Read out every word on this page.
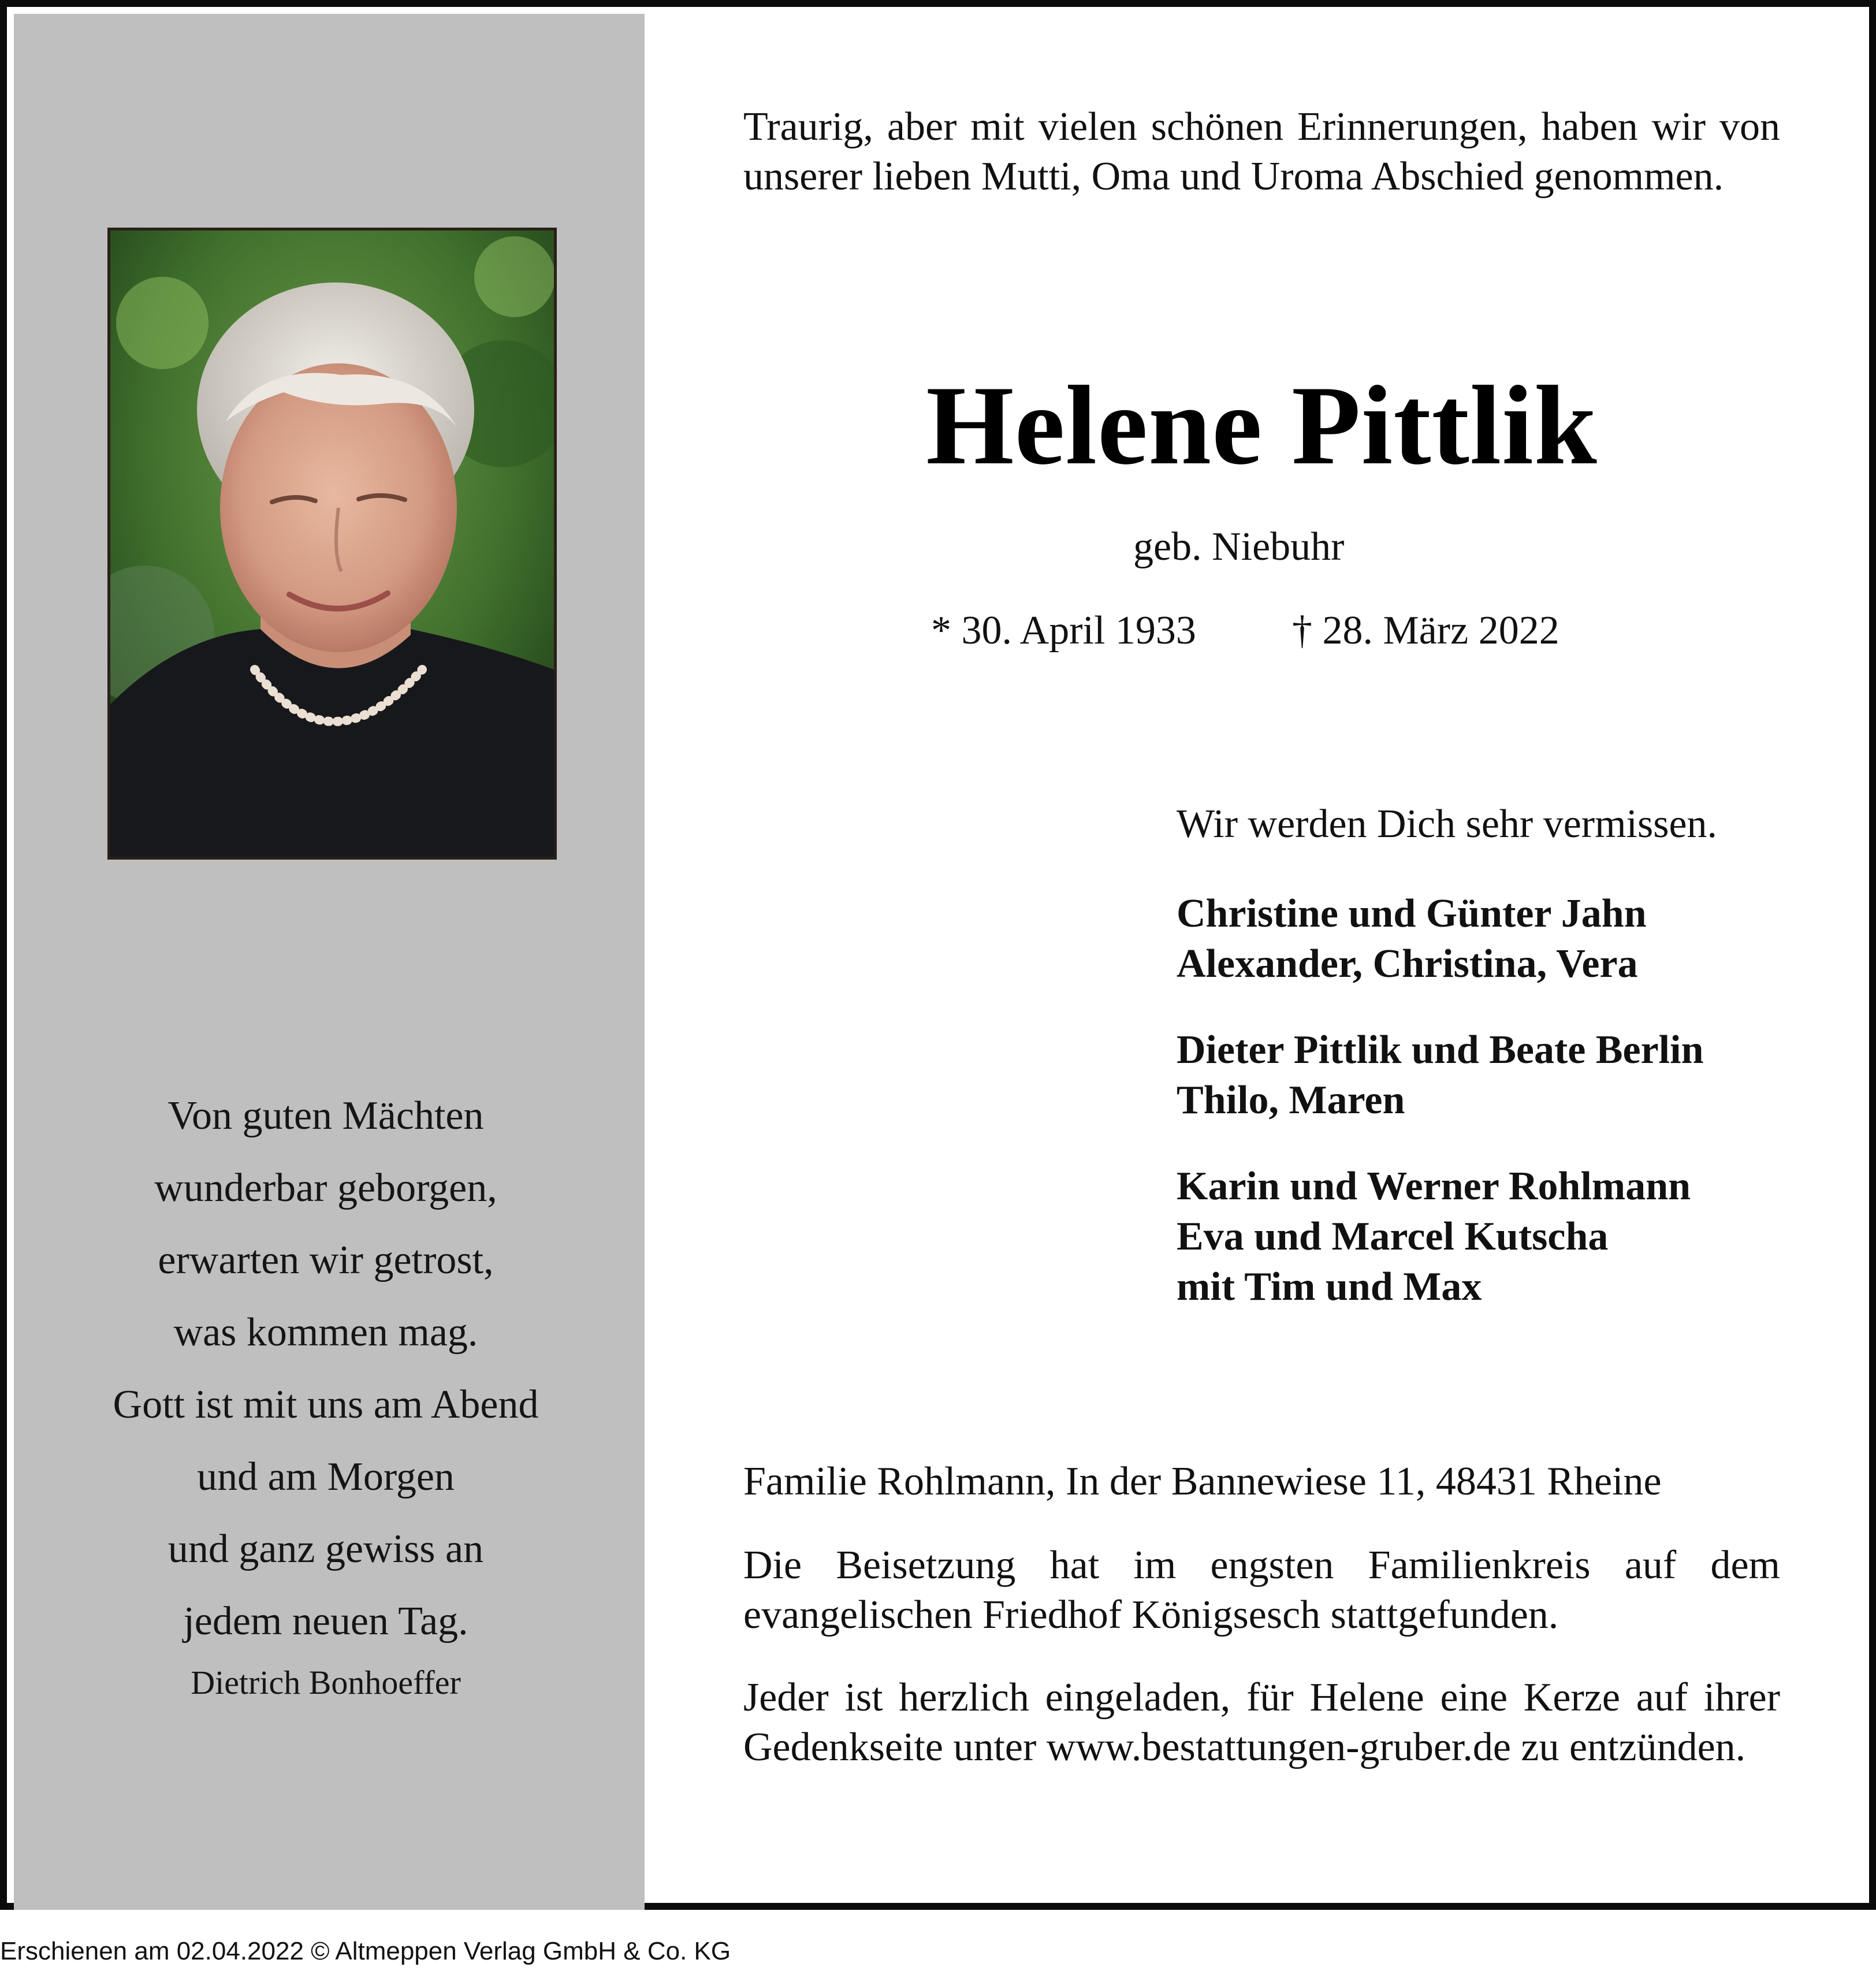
Von guten Mächten
wunderbar geborgen,
erwarten wir getrost,
was kommen mag.
Gott ist mit uns am Abend
und am Morgen
und ganz gewiss an
jedem neuen Tag.
Dietrich Bonhoeffer
Traurig, aber mit vielen schönen Erinnerungen, haben wir von unserer lieben Mutti, Oma und Uroma Abschied genommen.
Helene Pittlik
geb. Niebuhr
* 30. April 1933 † 28. März 2022
Wir werden Dich sehr vermissen.
Christine und Günter Jahn
Alexander, Christina, Vera
Dieter Pittlik und Beate Berlin
Thilo, Maren
Karin und Werner Rohlmann
Eva und Marcel Kutscha
mit Tim und Max
Familie Rohlmann, In der Bannewiese 11, 48431 Rheine
Die Beisetzung hat im engsten Familienkreis auf dem evangelischen Friedhof Königsesch stattgefunden.
Jeder ist herzlich eingeladen, für Helene eine Kerze auf ihrer Gedenkseite unter www.bestattungen-gruber.de zu entzünden.
Erschienen am 02.04.2022 © Altmeppen Verlag GmbH & Co. KG
